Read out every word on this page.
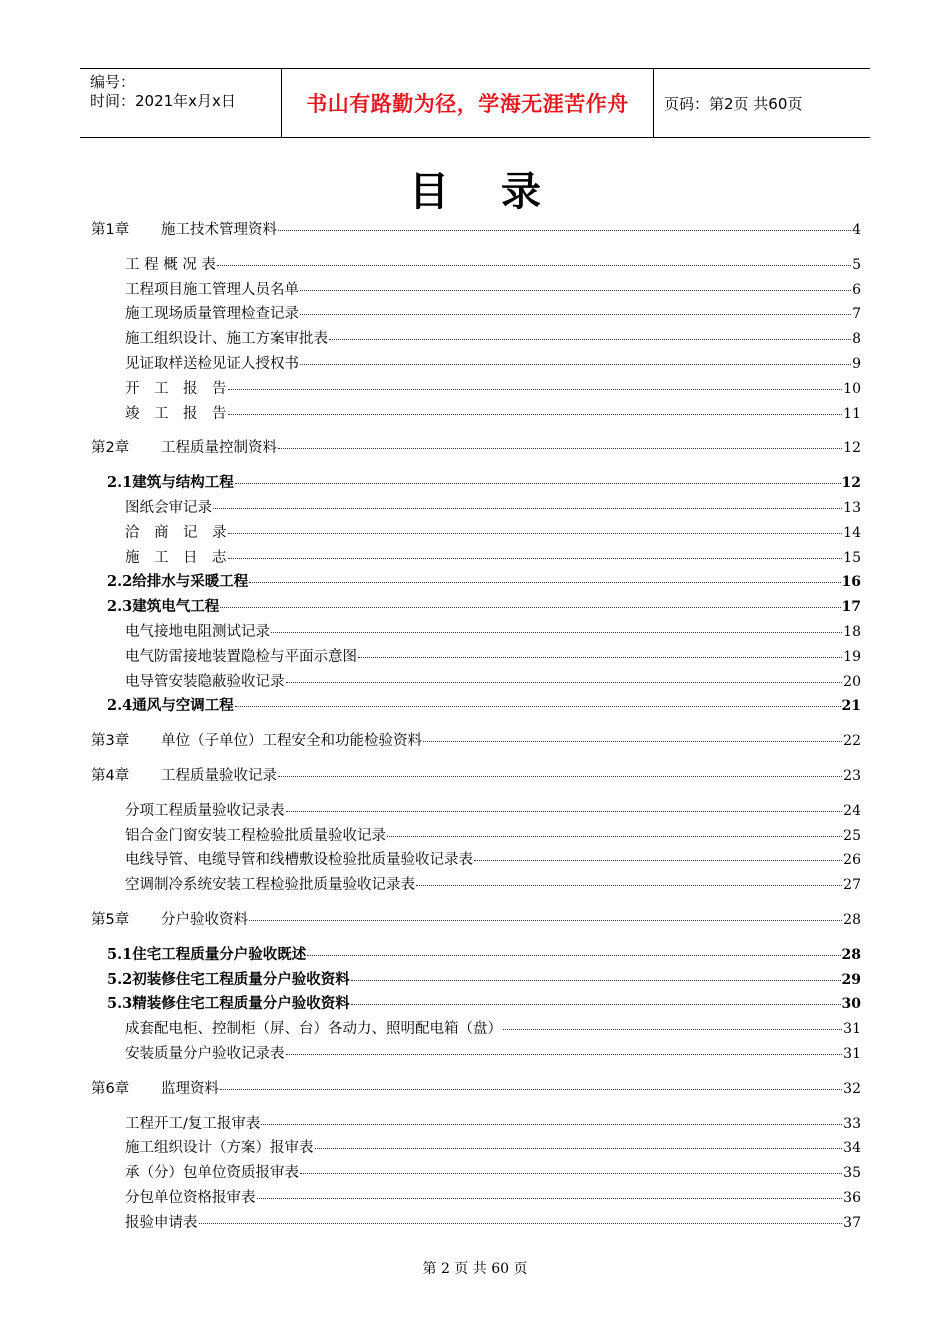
编号：
时间：2021年x月x日	书山有路勤为径，学海无涯苦作舟	页码：第2页 共60页
目录
第1章 施工技术管理资料	4
工 程 概 况 表	5
工程项目施工管理人员名单	6
施工现场质量管理检查记录	7
施工组织设计、施工方案审批表	8
见证取样送检见证人授权书	9
开　工　报　告	10
竣　工　报　告	11
第2章 工程质量控制资料	12
2.1建筑与结构工程	12
图纸会审记录	13
洽　商　记　录	14
施　工　日　志	15
2.2给排水与采暖工程	16
2.3建筑电气工程	17
电气接地电阻测试记录	18
电气防雷接地装置隐检与平面示意图	19
电导管安装隐蔽验收记录	20
2.4通风与空调工程	21
第3章 单位（子单位）工程安全和功能检验资料	22
第4章 工程质量验收记录	23
分项工程质量验收记录表	24
铝合金门窗安装工程检验批质量验收记录	25
电线导管、电缆导管和线槽敷设检验批质量验收记录表	26
空调制冷系统安装工程检验批质量验收记录表	27
第5章 分户验收资料	28
5.1住宅工程质量分户验收既述	28
5.2初装修住宅工程质量分户验收资料	29
5.3精装修住宅工程质量分户验收资料	30
成套配电柜、控制柜（屏、台）各动力、照明配电箱（盘）	31
安装质量分户验收记录表	31
第6章 监理资料	32
工程开工/复工报审表	33
施工组织设计（方案）报审表	34
承（分）包单位资质报审表	35
分包单位资格报审表	36
报验申请表	37
第 2 页 共 60 页
